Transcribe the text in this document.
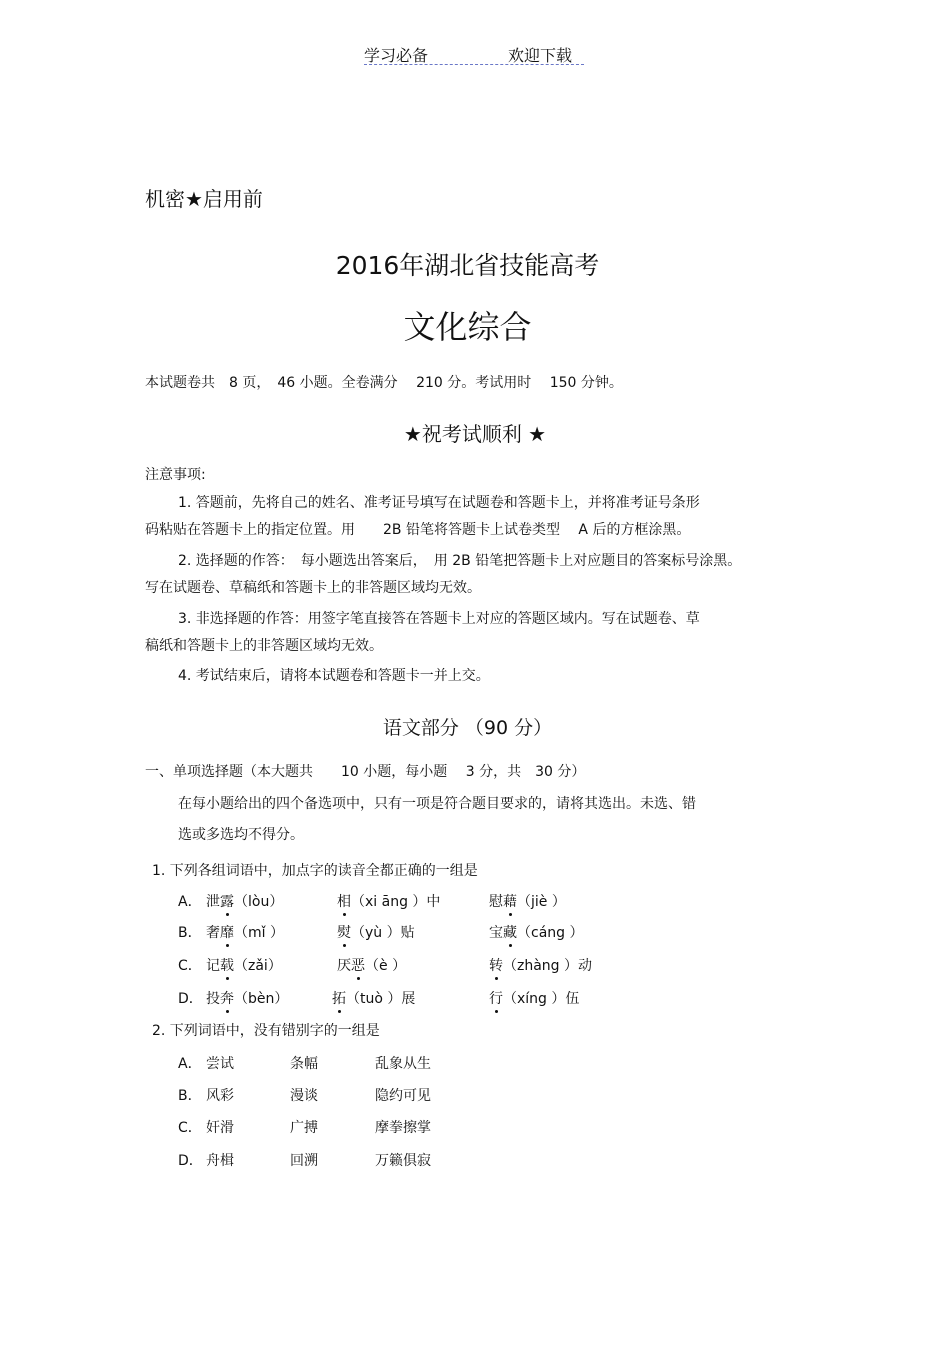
学习必备	欢迎下载
机密★启用前
2016年湖北省技能高考
文化综合
本试题卷共　8 页，　46 小题。全卷满分　 210 分。考试用时　 150 分钟。
★祝考试顺利 ★
注意事项:
1. 答题前，先将自己的姓名、准考证号填写在试题卷和答题卡上，并将准考证号条形
码粘贴在答题卡上的指定位置。用　　2B 铅笔将答题卡上试卷类型　 A 后的方框涂黑。
2. 选择题的作答：　每小题选出答案后，　用 2B 铅笔把答题卡上对应题目的答案标号涂黑。
写在试题卷、草稿纸和答题卡上的非答题区域均无效。
3. 非选择题的作答：用签字笔直接答在答题卡上对应的答题区域内。写在试题卷、草
稿纸和答题卡上的非答题区域均无效。
4. 考试结束后，请将本试题卷和答题卡一并上交。
语文部分 （90 分）
一、单项选择题（本大题共　　10 小题，每小题　 3 分，共　30 分）
在每小题给出的四个备选项中，只有一项是符合题目要求的，请将其选出。未选、错
选或多选均不得分。
1. 下列各组词语中，加点字的读音全都正确的一组是
A． 泄露（lòu）	相（xi āng ）中	慰藉（jiè ）
B． 奢靡（mǐ ）	熨（yù ）贴	宝藏（cáng ）
C． 记载（zǎi）	厌恶（è ）	转（zhàng ）动
D． 投奔（bèn）	拓（tuò ）展	行（xíng ）伍
2. 下列词语中，没有错别字的一组是
A． 尝试	条幅	乱象从生
B． 风彩	漫谈	隐约可见
C． 奸滑	广搏	摩拳擦掌
D． 舟楫	回溯	万籁俱寂
